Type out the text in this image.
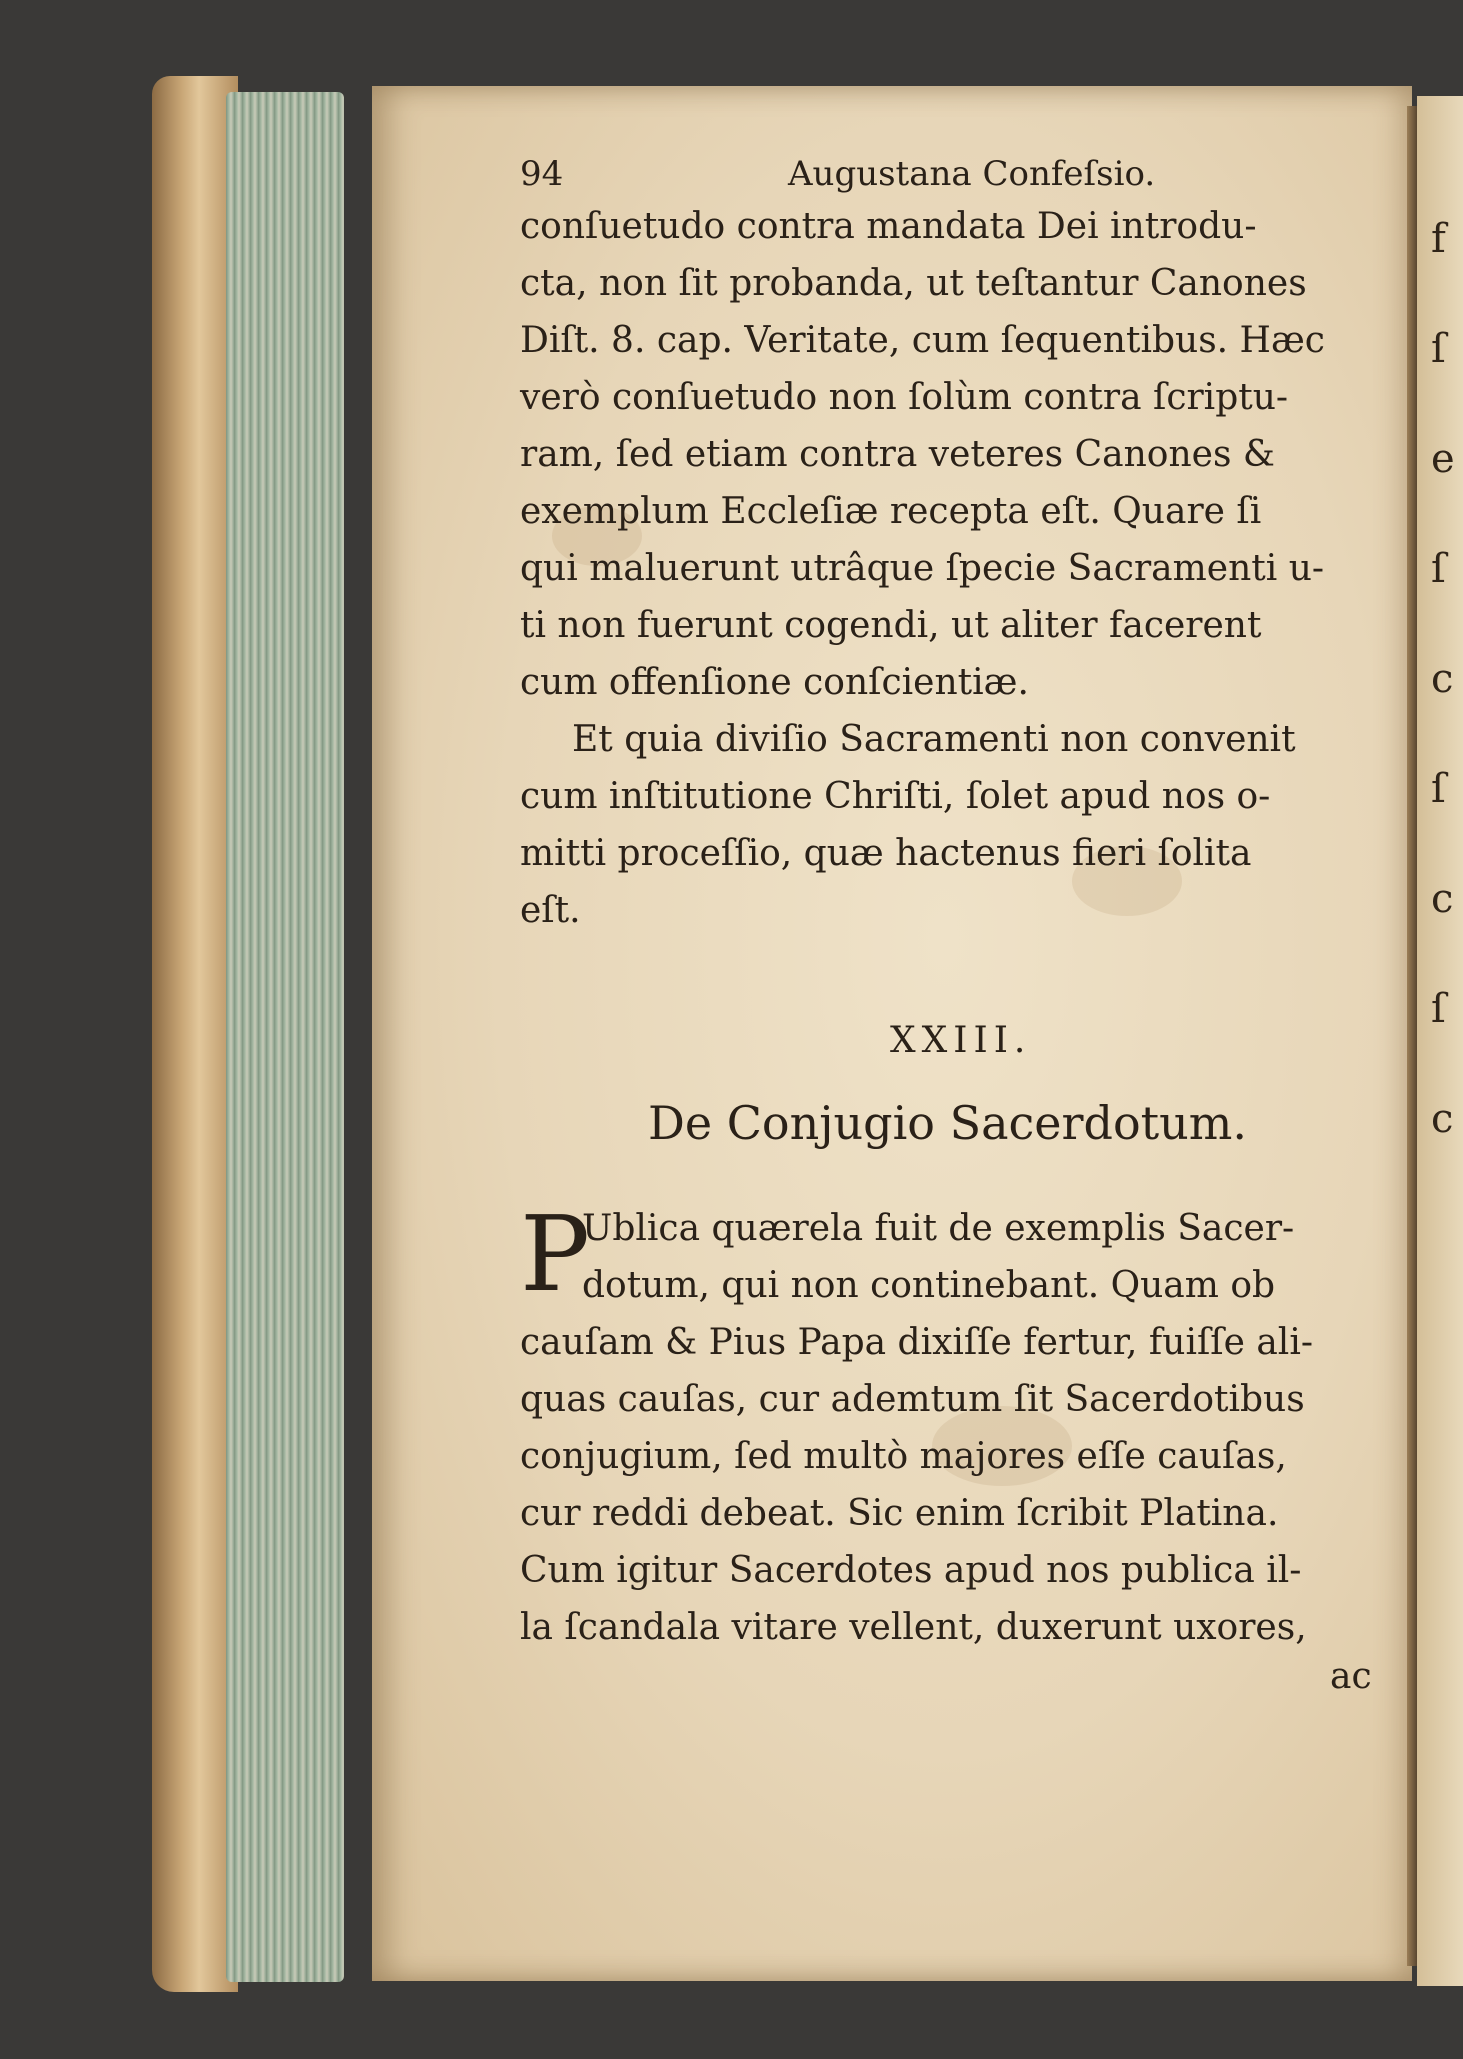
f
ſ
e
ſ
c
ſ
c
ſ
c
94	Augustana Confeſsio.
conſuetudo contra mandata Dei introdu-
cta, non ſit probanda, ut teſtantur Canones
Diſt. 8. cap. Veritate, cum ſequentibus. Hæc
verò conſuetudo non ſolùm contra ſcriptu-
ram, ſed etiam contra veteres Canones &
exemplum Eccleſiæ recepta eſt. Quare ſi
qui maluerunt utrâque ſpecie Sacramenti u-
ti non fuerunt cogendi, ut aliter facerent
cum offenſione conſcientiæ.
Et quia diviſio Sacramenti non convenit
cum inſtitutione Chriſti, ſolet apud nos o-
mitti proceſſio, quæ hactenus fieri ſolita
eſt.
XXIII.
De Conjugio Sacerdotum.
P
Ublica quærela fuit de exemplis Sacer-
dotum, qui non continebant. Quam ob
cauſam & Pius Papa dixiſſe fertur, fuiſſe ali-
quas cauſas, cur ademtum ſit Sacerdotibus
conjugium, ſed multò majores eſſe cauſas,
cur reddi debeat. Sic enim ſcribit Platina.
Cum igitur Sacerdotes apud nos publica il-
la ſcandala vitare vellent, duxerunt uxores,
ac
